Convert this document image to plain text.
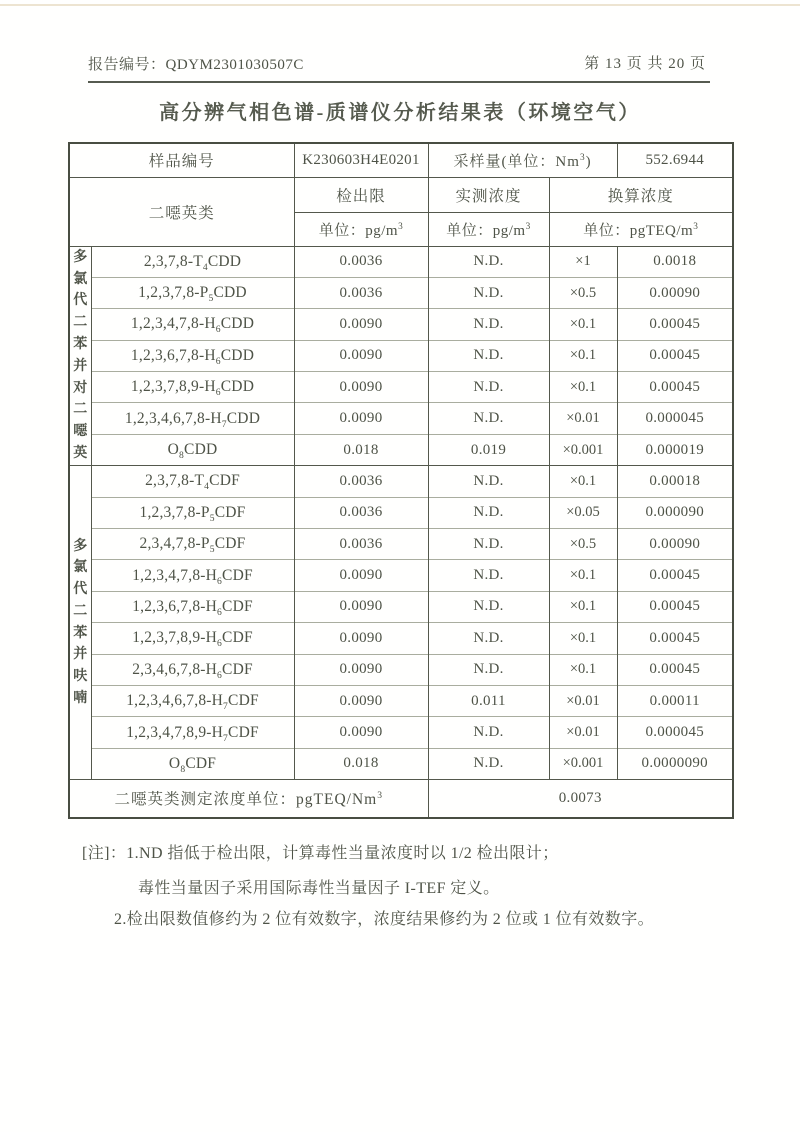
报告编号：QDYM2301030507C	第 13 页 共 20 页
高分辨气相色谱-质谱仪分析结果表（环境空气）
样品编号		K230603H4E0201	采样量(单位：Nm$^3$)		552.6944
二噁英类		检出限	实测浓度	换算浓度	
		单位：$pg/m^3$	单位：$pg/m^3$	单位：pgTEQ/$m^3$

多
氯
代
二
苯
并
对
二
噁
英
	$2,3,7,8-T_4CDD$	0.0036	N.D.	×1	0.0018
	$1,2,3,7,8-P_5CDD$	0.0036	N.D.	×0.5	0.00090
	$1,2,3,4,7,8-H_6CDD$	0.0090	N.D.	×0.1	0.00045
	$1,2,3,6,7,8-H_6CDD$	0.0090	N.D.	×0.1	0.00045
	$1,2,3,7,8,9-H_6CDD$	0.0090	N.D.	×0.1	0.00045
	$1,2,3,4,6,7,8-H_7CDD$	0.0090	N.D.	×0.01	0.000045
	$O_8CDD$	0.018	0.019	×0.001	0.000019

多
氯
代
二
苯
并
呋
喃
	$2,3,7,8-T_4CDF$	0.0036	N.D.	×0.1	0.00018
	$1,2,3,7,8-P_5CDF$	0.0036	N.D.	×0.05	0.000090
	$2,3,4,7,8-P_5CDF$	0.0036	N.D.	×0.5	0.00090
	$1,2,3,4,7,8-H_6CDF$	0.0090	N.D.	×0.1	0.00045
	$1,2,3,6,7,8-H_6CDF$	0.0090	N.D.	×0.1	0.00045
	$1,2,3,7,8,9-H_6CDF$	0.0090	N.D.	×0.1	0.00045
	$2,3,4,6,7,8-H_6CDF$	0.0090	N.D.	×0.1	0.00045
	$1,2,3,4,6,7,8-H_7CDF$	0.0090	0.011	×0.01	0.00011
	$1,2,3,4,7,8,9-H_7CDF$	0.0090	N.D.	×0.01	0.000045
	$O_8CDF$	0.018	N.D.	×0.001	0.0000090
二噁英类测定浓度单位：pgTEQ/Nm$^3$			0.0073		
[注]：1.ND 指低于检出限，计算毒性当量浓度时以 1/2 检出限计；
毒性当量因子采用国际毒性当量因子 I-TEF 定义。
2.检出限数值修约为 2 位有效数字，浓度结果修约为 2 位或 1 位有效数字。
